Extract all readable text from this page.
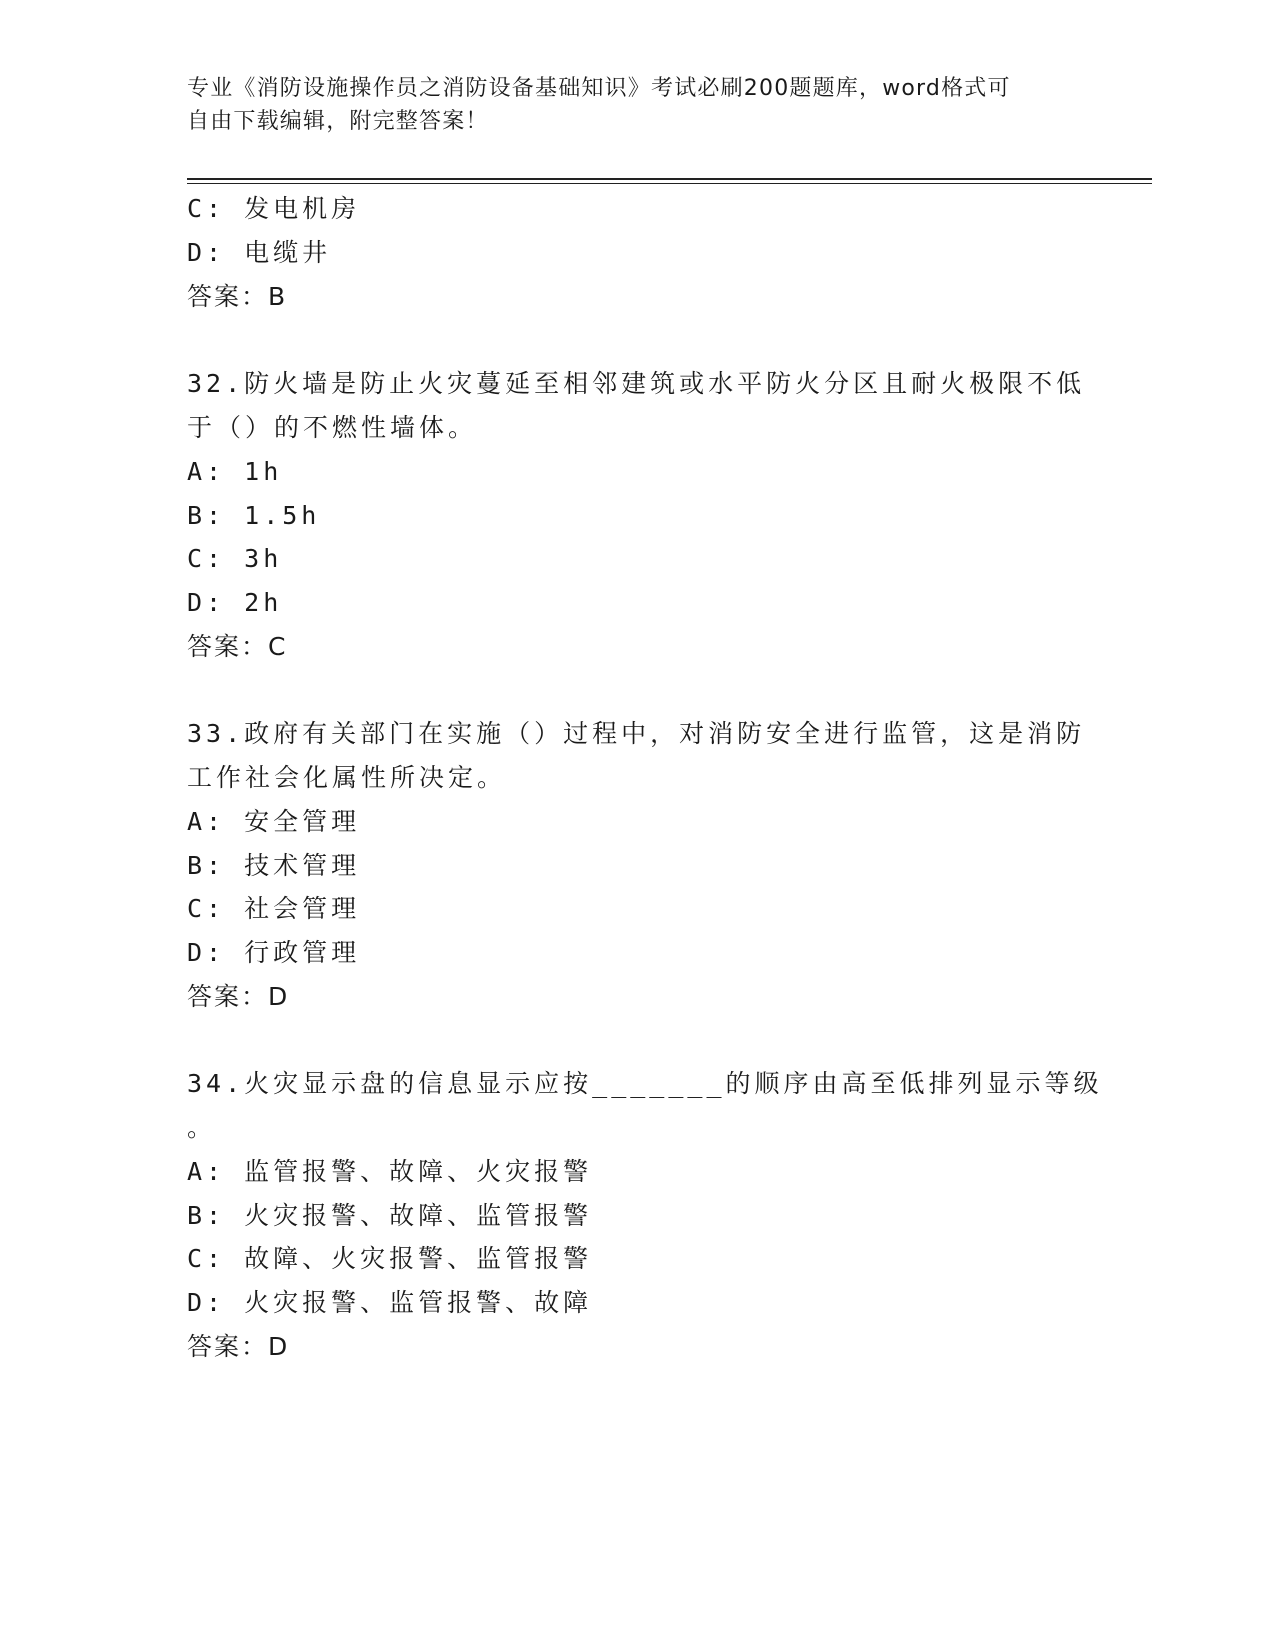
专业《消防设施操作员之消防设备基础知识》考试必刷200题题库，word格式可
自由下载编辑，附完整答案！
C: 发电机房
D: 电缆井
答案：B
32.防火墙是防止火灾蔓延至相邻建筑或水平防火分区且耐火极限不低
于（）的不燃性墙体。
A: 1h
B: 1.5h
C: 3h
D: 2h
答案：C
33.政府有关部门在实施（）过程中，对消防安全进行监管，这是消防
工作社会化属性所决定。
A: 安全管理
B: 技术管理
C: 社会管理
D: 行政管理
答案：D
34.火灾显示盘的信息显示应按_______的顺序由高至低排列显示等级
。
A: 监管报警、故障、火灾报警
B: 火灾报警、故障、监管报警
C: 故障、火灾报警、监管报警
D: 火灾报警、监管报警、故障
答案：D
